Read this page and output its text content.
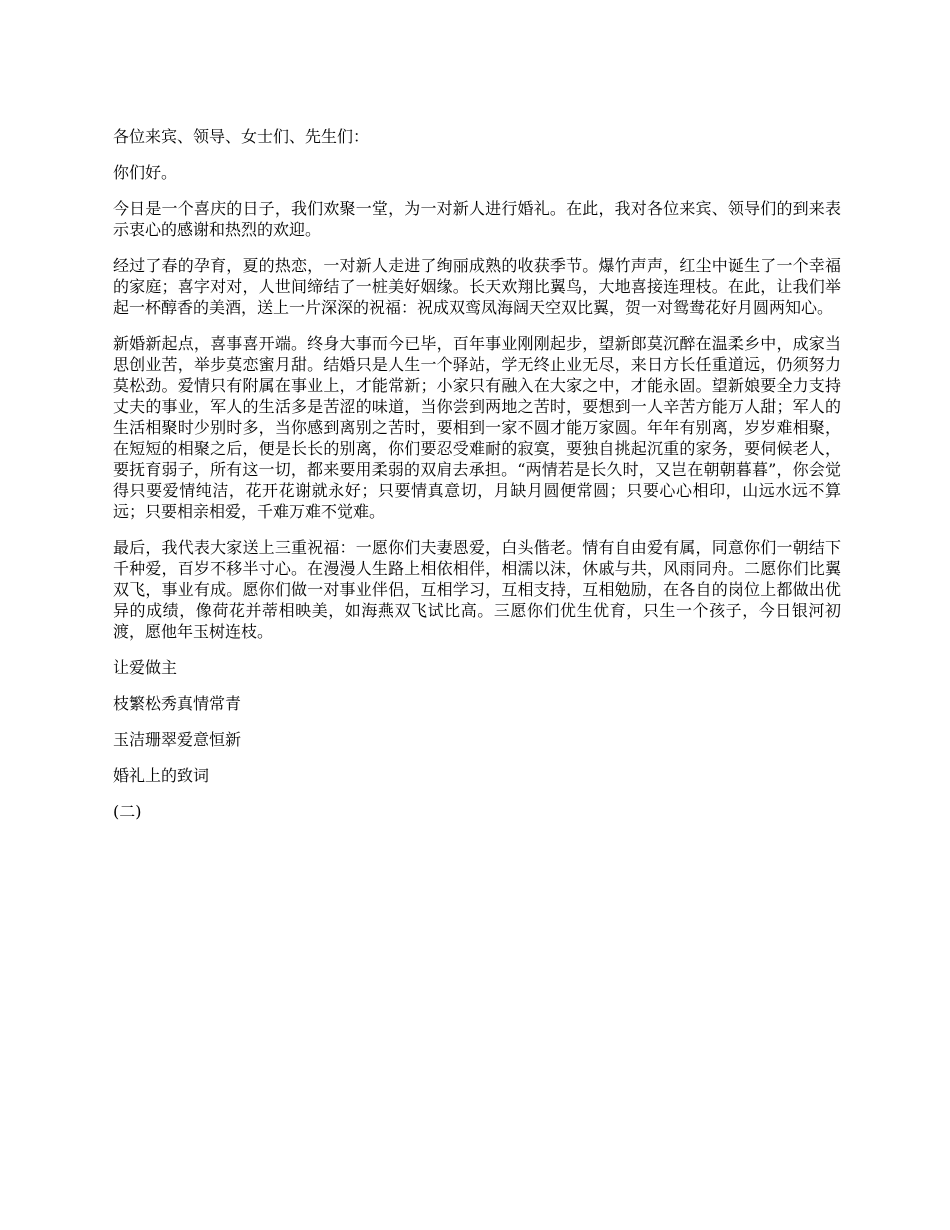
各位来宾、领导、女士们、先生们：

你们好。

今日是一个喜庆的日子，我们欢聚一堂，为一对新人进行婚礼。在此，我对各位来宾、领导们的到来表示衷心的感谢和热烈的欢迎。

经过了春的孕育，夏的热恋，一对新人走进了绚丽成熟的收获季节。爆竹声声，红尘中诞生了一个幸福的家庭；喜字对对，人世间缔结了一桩美好姻缘。长天欢翔比翼鸟，大地喜接连理枝。在此，让我们举起一杯醇香的美酒，送上一片深深的祝福：祝成双鸾凤海阔天空双比翼，贺一对鸳鸯花好月圆两知心。

新婚新起点，喜事喜开端。终身大事而今已毕，百年事业刚刚起步，望新郎莫沉醉在温柔乡中，成家当思创业苦，举步莫恋蜜月甜。结婚只是人生一个驿站，学无终止业无尽，来日方长任重道远，仍须努力莫松劲。爱情只有附属在事业上，才能常新；小家只有融入在大家之中，才能永固。望新娘要全力支持丈夫的事业，军人的生活多是苦涩的味道，当你尝到两地之苦时，要想到一人辛苦方能万人甜；军人的生活相聚时少别时多，当你感到离别之苦时，要相到一家不圆才能万家圆。年年有别离，岁岁难相聚，在短短的相聚之后，便是长长的别离，你们要忍受难耐的寂寞，要独自挑起沉重的家务，要伺候老人，要抚育弱子，所有这一切，都来要用柔弱的双肩去承担。“两情若是长久时，又岂在朝朝暮暮”，你会觉得只要爱情纯洁，花开花谢就永好；只要情真意切，月缺月圆便常圆；只要心心相印，山远水远不算远；只要相亲相爱，千难万难不觉难。

最后，我代表大家送上三重祝福：一愿你们夫妻恩爱，白头偕老。情有自由爱有属，同意你们一朝结下千种爱，百岁不移半寸心。在漫漫人生路上相依相伴，相濡以沫，休戚与共，风雨同舟。二愿你们比翼双飞，事业有成。愿你们做一对事业伴侣，互相学习，互相支持，互相勉励，在各自的岗位上都做出优异的成绩，像荷花并蒂相映美，如海燕双飞试比高。三愿你们优生优育，只生一个孩子，今日银河初渡，愿他年玉树连枝。

让爱做主

枝繁松秀真情常青

玉洁珊翠爱意恒新

婚礼上的致词

(二)
